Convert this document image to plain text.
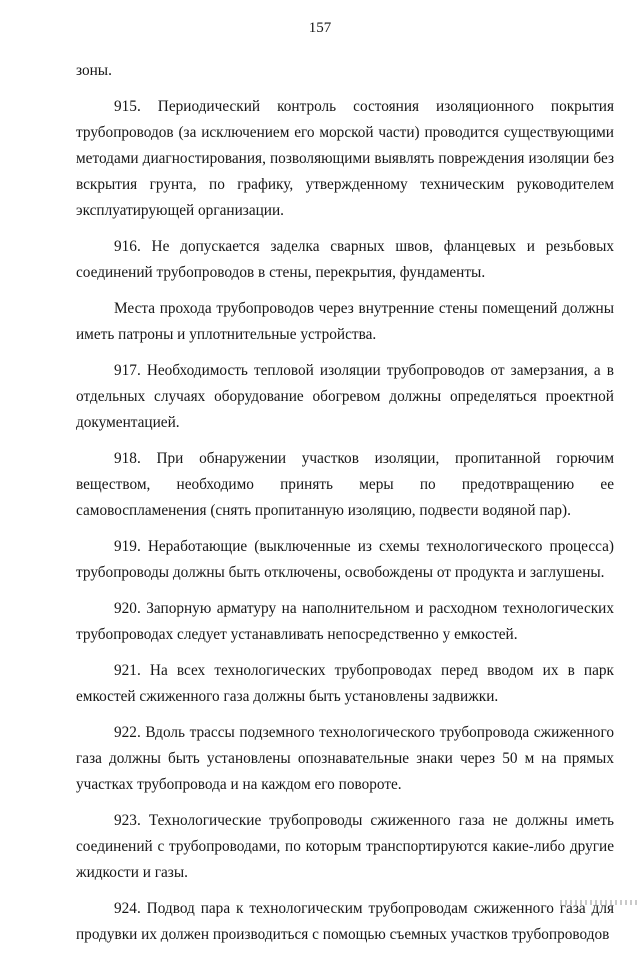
157

зоны.

915. Периодический контроль состояния изоляционного покрытия трубопроводов (за исключением его морской части) проводится существующими методами диагностирования, позволяющими выявлять повреждения изоляции без вскрытия грунта, по графику, утвержденному техническим руководителем эксплуатирующей организации.

916. Не допускается заделка сварных швов, фланцевых и резьбовых соединений трубопроводов в стены, перекрытия, фундаменты.

Места прохода трубопроводов через внутренние стены помещений должны иметь патроны и уплотнительные устройства.

917. Необходимость тепловой изоляции трубопроводов от замерзания, а в отдельных случаях оборудование обогревом должны определяться проектной документацией.

918. При обнаружении участков изоляции, пропитанной горючим веществом, необходимо принять меры по предотвращению ее самовоспламенения (снять пропитанную изоляцию, подвести водяной пар).

919. Неработающие (выключенные из схемы технологического процесса) трубопроводы должны быть отключены, освобождены от продукта и заглушены.

920. Запорную арматуру на наполнительном и расходном технологических трубопроводах следует устанавливать непосредственно у емкостей.

921. На всех технологических трубопроводах перед вводом их в парк емкостей сжиженного газа должны быть установлены задвижки.

922. Вдоль трассы подземного технологического трубопровода сжиженного газа должны быть установлены опознавательные знаки через 50 м на прямых участках трубопровода и на каждом его повороте.

923. Технологические трубопроводы сжиженного газа не должны иметь соединений с трубопроводами, по которым транспортируются какие-либо другие жидкости и газы.

924. Подвод пара к технологическим трубопроводам сжиженного газа для продувки их должен производиться с помощью съемных участков трубопроводов
